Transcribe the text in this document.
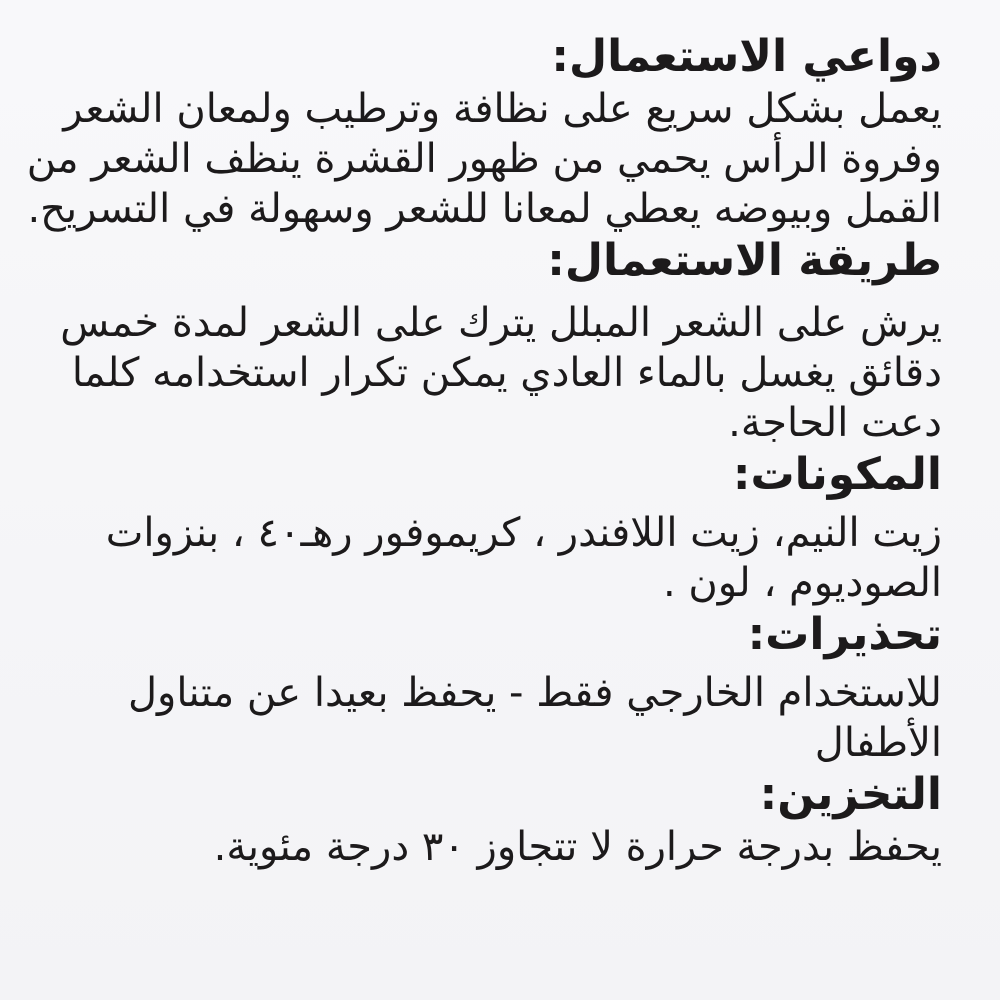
دواعي الاستعمال:

يعمل بشكل سريع على نظافة وترطيب ولمعان الشعر

وفروة الرأس يحمي من ظهور القشرة ينظف الشعر من

القمل وبيوضه يعطي لمعانا للشعر وسهولة في التسريح.

طريقة الاستعمال:

يرش على الشعر المبلل يترك على الشعر لمدة خمس

دقائق يغسل بالماء العادي يمكن تكرار استخدامه كلما

دعت الحاجة.

المكونات:

زيت النيم، زيت اللافندر ، كريموفور رهـ٤٠ ، بنزوات

الصوديوم ، لون .

تحذيرات:

للاستخدام الخارجي فقط - يحفظ بعيدا عن متناول

الأطفال

التخزين:

يحفظ بدرجة حرارة لا تتجاوز ٣٠ درجة مئوية.
